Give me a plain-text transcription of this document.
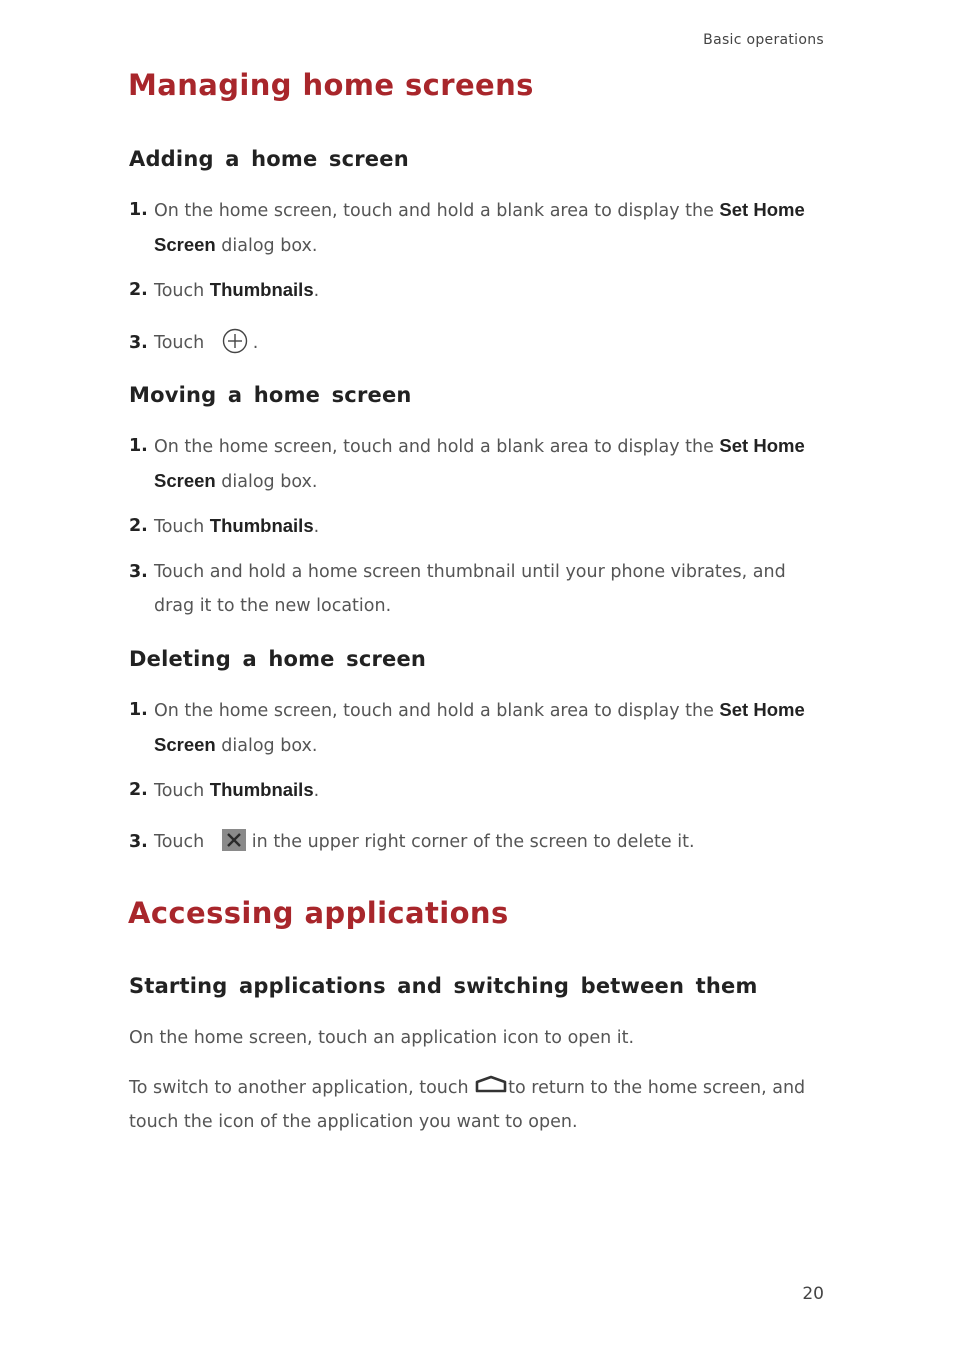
Basic operations
Managing home screens
Adding a home screen
1. On the home screen, touch and hold a blank area to display the Set Home
Screen dialog box.
2. Touch Thumbnails.
3. Touch .
Moving a home screen
1. On the home screen, touch and hold a blank area to display the Set Home
Screen dialog box.
2. Touch Thumbnails.
3. Touch and hold a home screen thumbnail until your phone vibrates, and
drag it to the new location.
Deleting a home screen
1. On the home screen, touch and hold a blank area to display the Set Home
Screen dialog box.
2. Touch Thumbnails.
3. Touch in the upper right corner of the screen to delete it.
Accessing applications
Starting applications and switching between them
On the home screen, touch an application icon to open it.
To switch to another application, touch to return to the home screen, and
touch the icon of the application you want to open.
20
